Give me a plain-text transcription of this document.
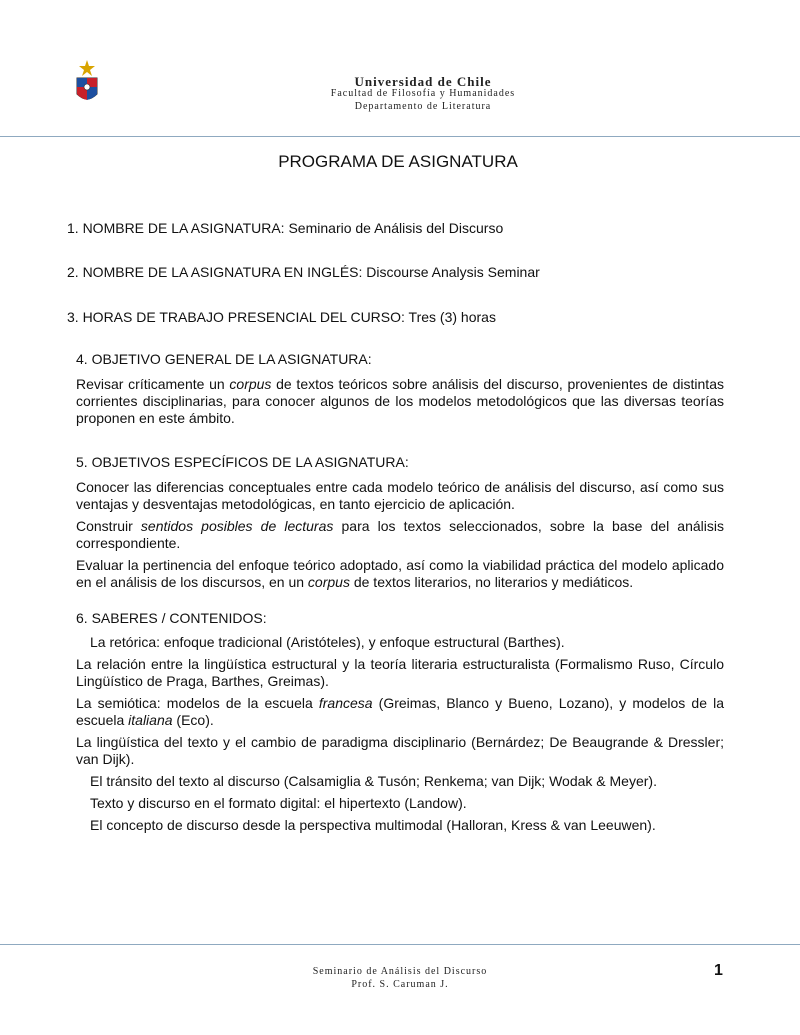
Universidad de Chile
Facultad de Filosofía y Humanidades
Departamento de Literatura
PROGRAMA DE ASIGNATURA
1. NOMBRE DE LA ASIGNATURA: Seminario de Análisis del Discurso
2. NOMBRE DE LA ASIGNATURA EN INGLÉS: Discourse Analysis Seminar
3. HORAS DE TRABAJO PRESENCIAL DEL CURSO: Tres (3) horas
4. OBJETIVO GENERAL DE LA ASIGNATURA:

Revisar críticamente un corpus de textos teóricos sobre análisis del discurso, provenientes de distintas corrientes disciplinarias, para conocer algunos de los modelos metodológicos que las diversas teorías proponen en este ámbito.

5. OBJETIVOS ESPECÍFICOS DE LA ASIGNATURA:

Conocer las diferencias conceptuales entre cada modelo teórico de análisis del discurso, así como sus ventajas y desventajas metodológicas, en tanto ejercicio de aplicación.

Construir sentidos posibles de lecturas para los textos seleccionados, sobre la base del análisis correspondiente.

Evaluar la pertinencia del enfoque teórico adoptado, así como la viabilidad práctica del modelo aplicado en el análisis de los discursos, en un corpus de textos literarios, no literarios y mediáticos.

6. SABERES / CONTENIDOS:

La retórica: enfoque tradicional (Aristóteles), y enfoque estructural (Barthes).

La relación entre la lingüística estructural y la teoría literaria estructuralista (Formalismo Ruso, Círculo Lingüístico de Praga, Barthes, Greimas).

La semiótica: modelos de la escuela francesa (Greimas, Blanco y Bueno, Lozano), y modelos de la escuela italiana (Eco).

La lingüística del texto y el cambio de paradigma disciplinario (Bernárdez; De Beaugrande & Dressler; van Dijk).

El tránsito del texto al discurso (Calsamiglia & Tusón; Renkema; van Dijk; Wodak & Meyer).

Texto y discurso en el formato digital: el hipertexto (Landow).

El concepto de discurso desde la perspectiva multimodal (Halloran, Kress & van Leeuwen).

Seminario de Análisis del Discurso
Prof. S. Caruman J.
1
